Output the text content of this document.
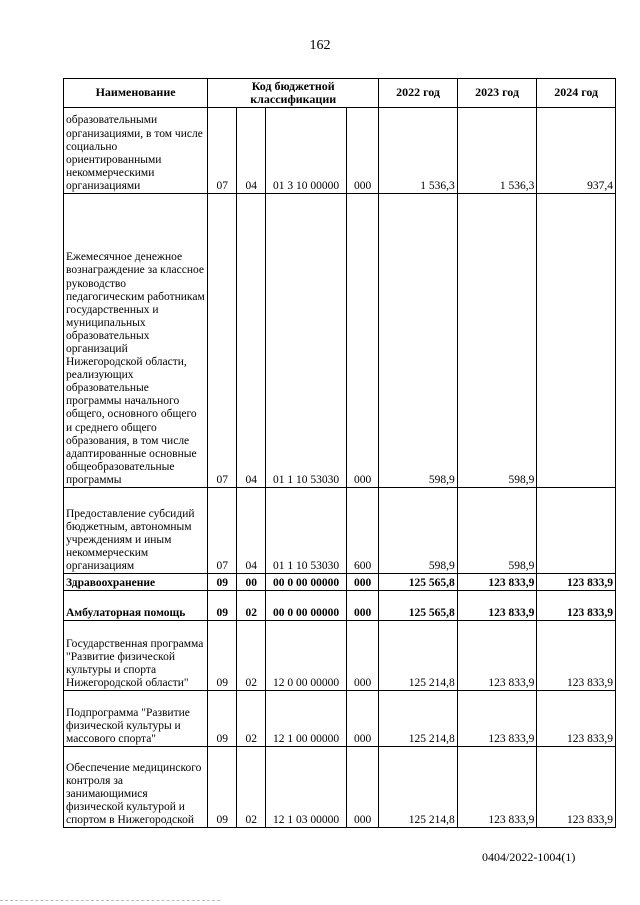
162
Наименование	Код бюджетной классификации				2022 год	2023 год	2024 год
образовательными организациями, в том числе социально ориентированными некоммерческими организациями	07	04	01 3 10 00000	000	1 536,3	1 536,3	937,4
Ежемесячное денежное вознаграждение за классное руководство педагогическим работникам государственных и муниципальных образовательных организаций Нижегородской области, реализующих образовательные программы начального общего, основного общего и среднего общего образования, в том числе адаптированные основные общеобразовательные программы	07	04	01 1 10 53030	000	598,9	598,9	
Предоставление субсидий бюджетным, автономным учреждениям и иным некоммерческим организациям	07	04	01 1 10 53030	600	598,9	598,9	
Здравоохранение	09	00	00 0 00 00000	000	125 565,8	123 833,9	123 833,9
Амбулаторная помощь	09	02	00 0 00 00000	000	125 565,8	123 833,9	123 833,9
Государственная программа "Развитие физической культуры и спорта Нижегородской области"	09	02	12 0 00 00000	000	125 214,8	123 833,9	123 833,9
Подпрограмма "Развитие физической культуры и массового спорта"	09	02	12 1 00 00000	000	125 214,8	123 833,9	123 833,9
Обеспечение медицинского контроля за занимающимися физической культурой и спортом в Нижегородской	09	02	12 1 03 00000	000	125 214,8	123 833,9	123 833,9
0404/2022-1004(1)
